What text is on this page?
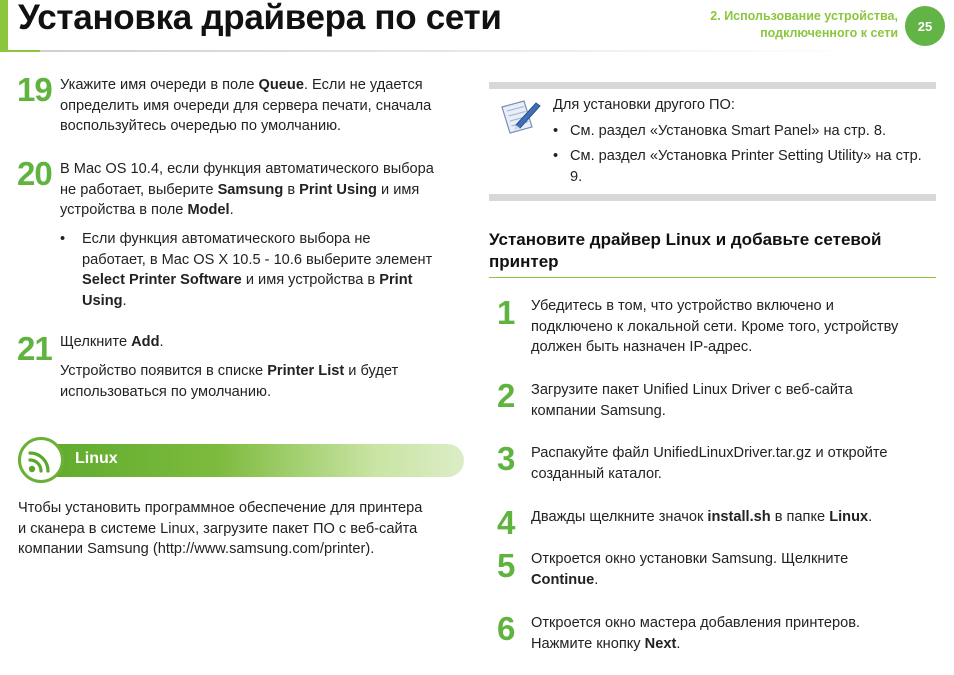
Установка драйвера по сети	2. Использование устройства,
подключенного к сети	25
19 Укажите имя очереди в поле Queue. Если не удается
определить имя очереди для сервера печати, сначала
воспользуйтесь очередью по умолчанию.
20 В Mac OS 10.4, если функция автоматического выбора
не работает, выберите Samsung в Print Using и имя
устройства в поле Model.
• Если функция автоматического выбора не
работает, в Mac OS X 10.5 - 10.6 выберите элемент
Select Printer Software и имя устройства в Print
Using.
21 Щелкните Add.
Устройство появится в списке Printer List и будет
использоваться по умолчанию.
Linux
Чтобы установить программное обеспечение для принтера
и сканера в системе Linux, загрузите пакет ПО с веб-сайта
компании Samsung (http://www.samsung.com/printer).
Для установки другого ПО:
• См. раздел «Установка Smart Panel» на стр. 8.
• См. раздел «Установка Printer Setting Utility» на стр.
9.
Установите драйвер Linux и добавьте сетевой
принтер
1 Убедитесь в том, что устройство включено и
подключено к локальной сети. Кроме того, устройству
должен быть назначен IP-адрес.
2 Загрузите пакет Unified Linux Driver с веб-сайта
компании Samsung.
3 Распакуйте файл UnifiedLinuxDriver.tar.gz и откройте
созданный каталог.
4 Дважды щелкните значок install.sh в папке Linux.
5 Откроется окно установки Samsung. Щелкните
Continue.
6 Откроется окно мастера добавления принтеров.
Нажмите кнопку Next.
